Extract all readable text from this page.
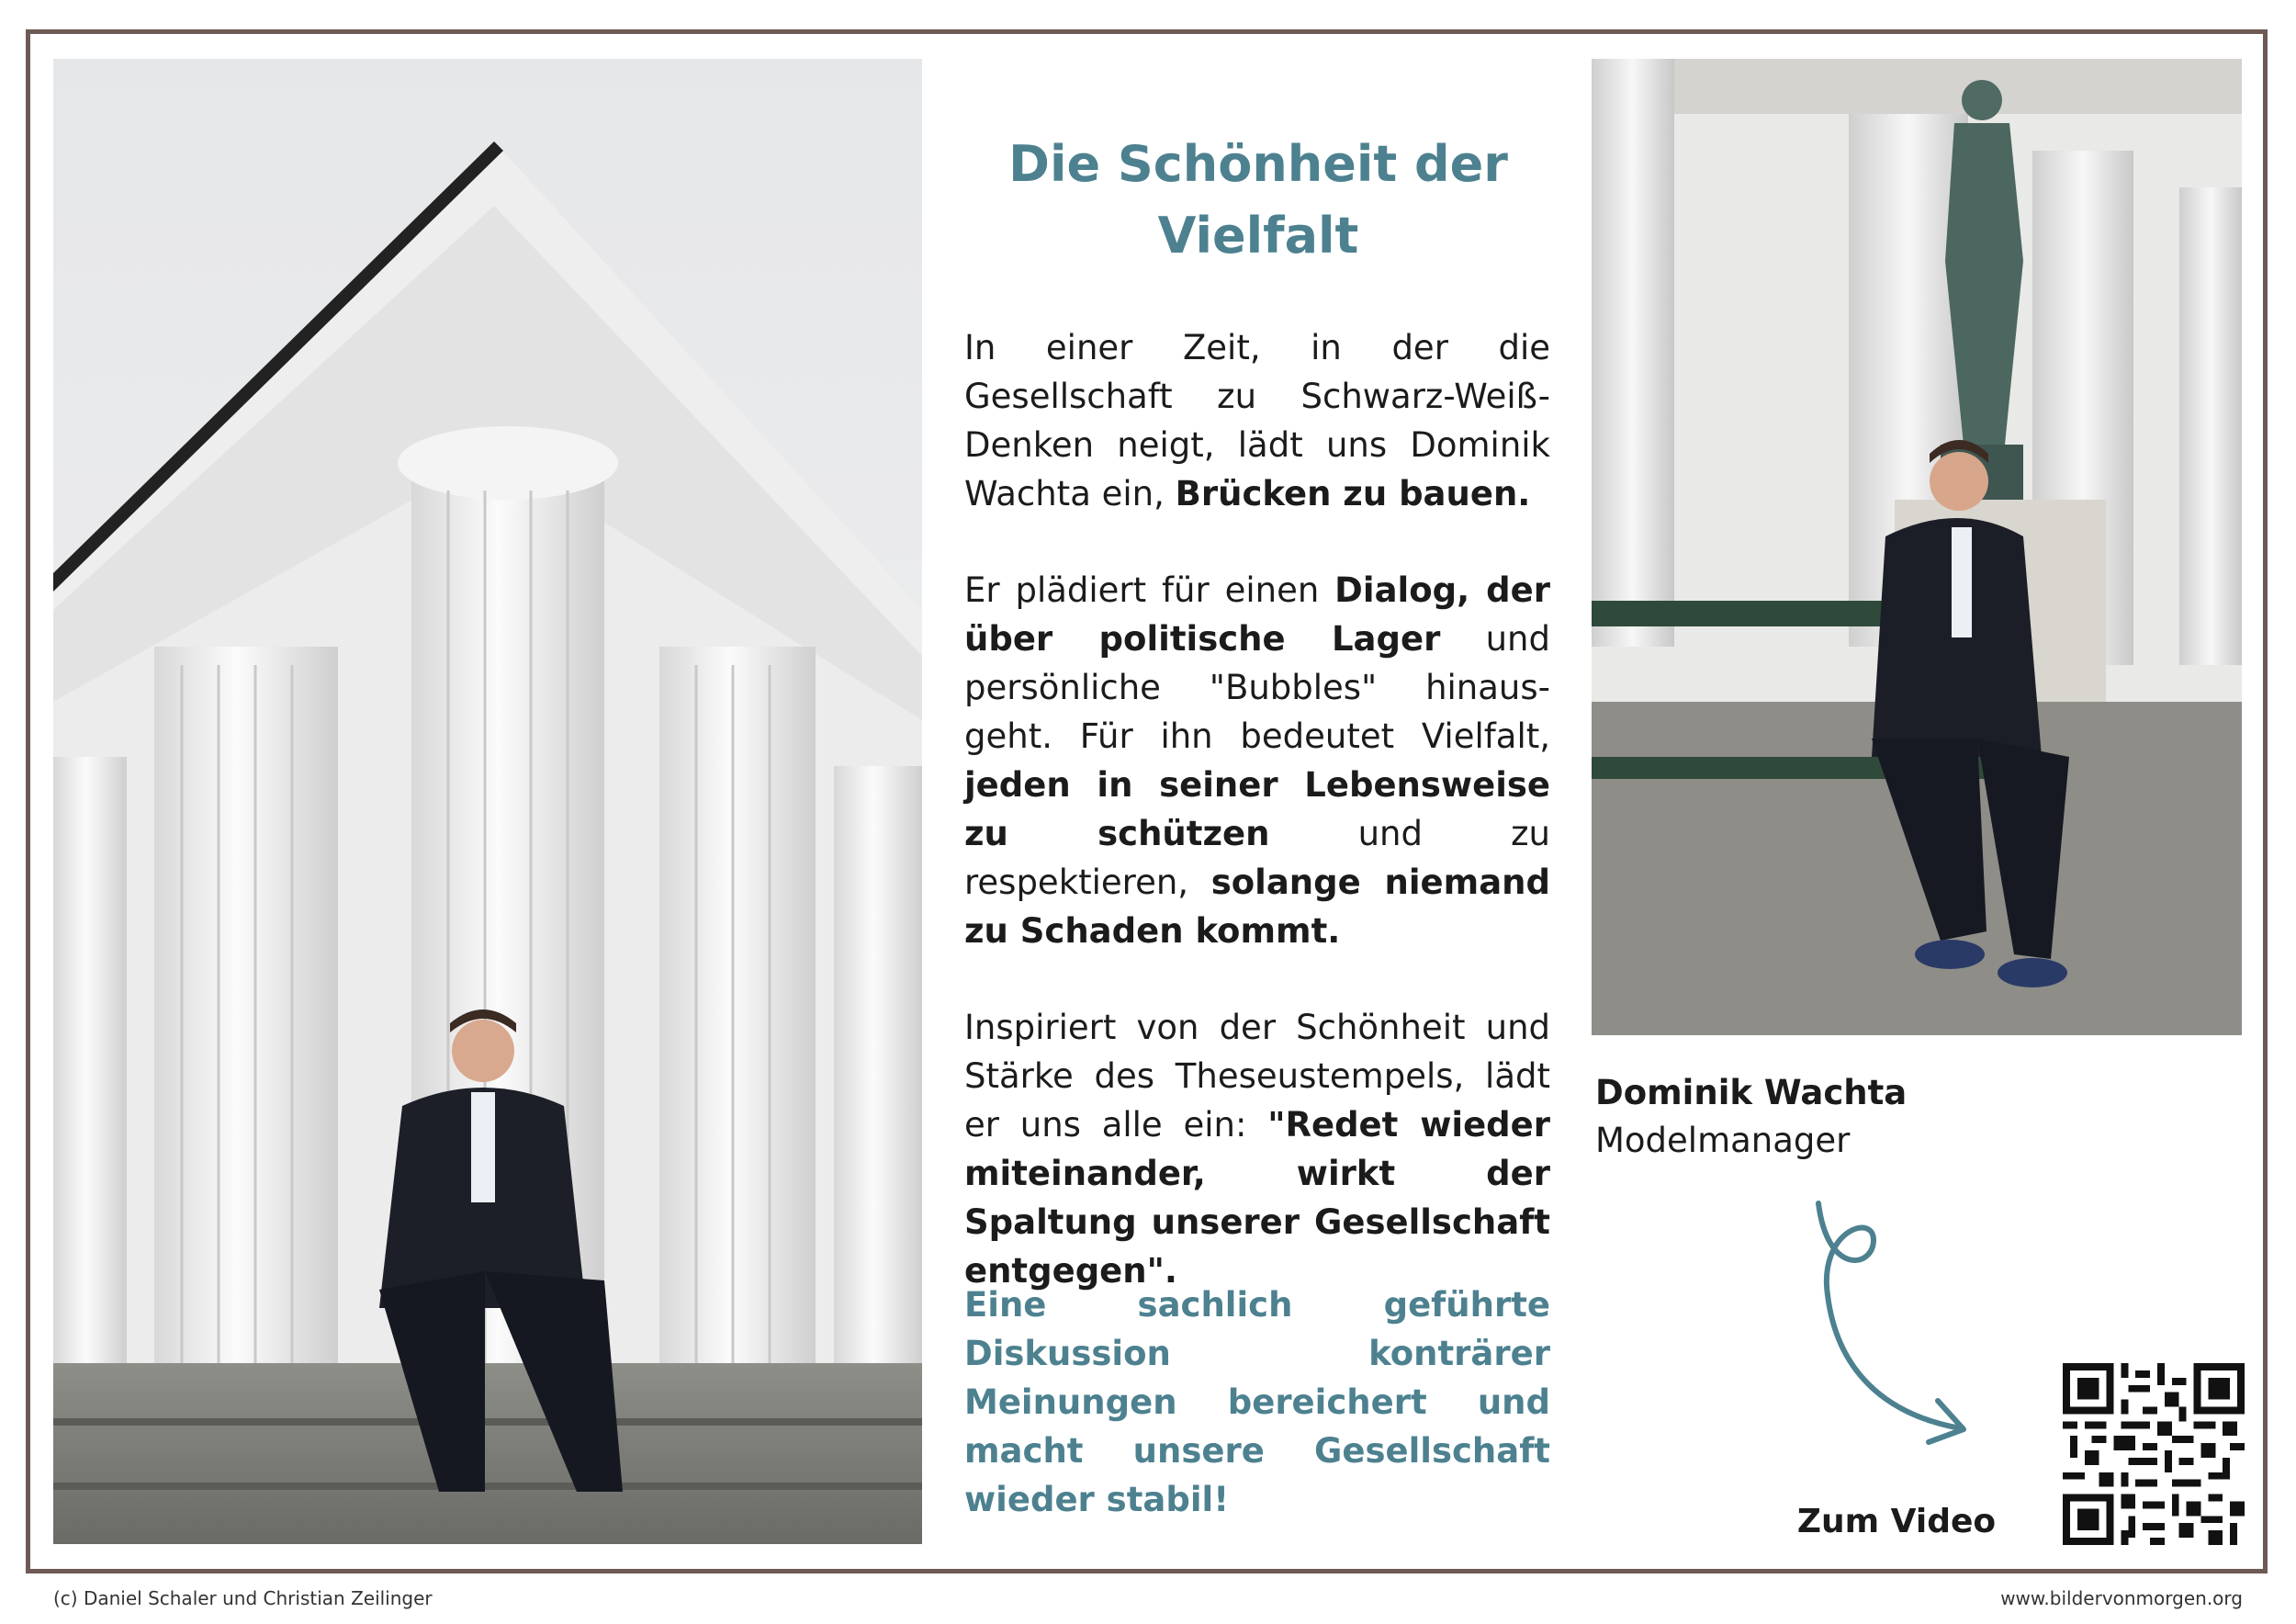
Die Schönheit der
Vielfalt

In einer Zeit, in der die Gesellschaft zu Schwarz-Weiß-Denken neigt, lädt uns Dominik Wachta ein, Brücken zu bauen.

Er plädiert für einen Dialog, der über politische Lager und persönliche "Bubbles" hinaus-geht. Für ihn bedeutet Vielfalt, jeden in seiner Lebensweise zu schützen	und zu respektieren, solange niemand zu Schaden kommt.

Inspiriert von der Schönheit und Stärke des Theseustempels, lädt er uns alle ein: "Redet wieder miteinander, wirkt der Spaltung unserer Gesellschaft entgegen".

Eine sachlich geführte Diskussion konträrer Meinungen bereichert und macht unsere Gesellschaft wieder stabil!

Dominik Wachta
Modelmanager
Zum Video
(c) Daniel Schaler und Christian Zeilinger	www.bildervonmorgen.org
